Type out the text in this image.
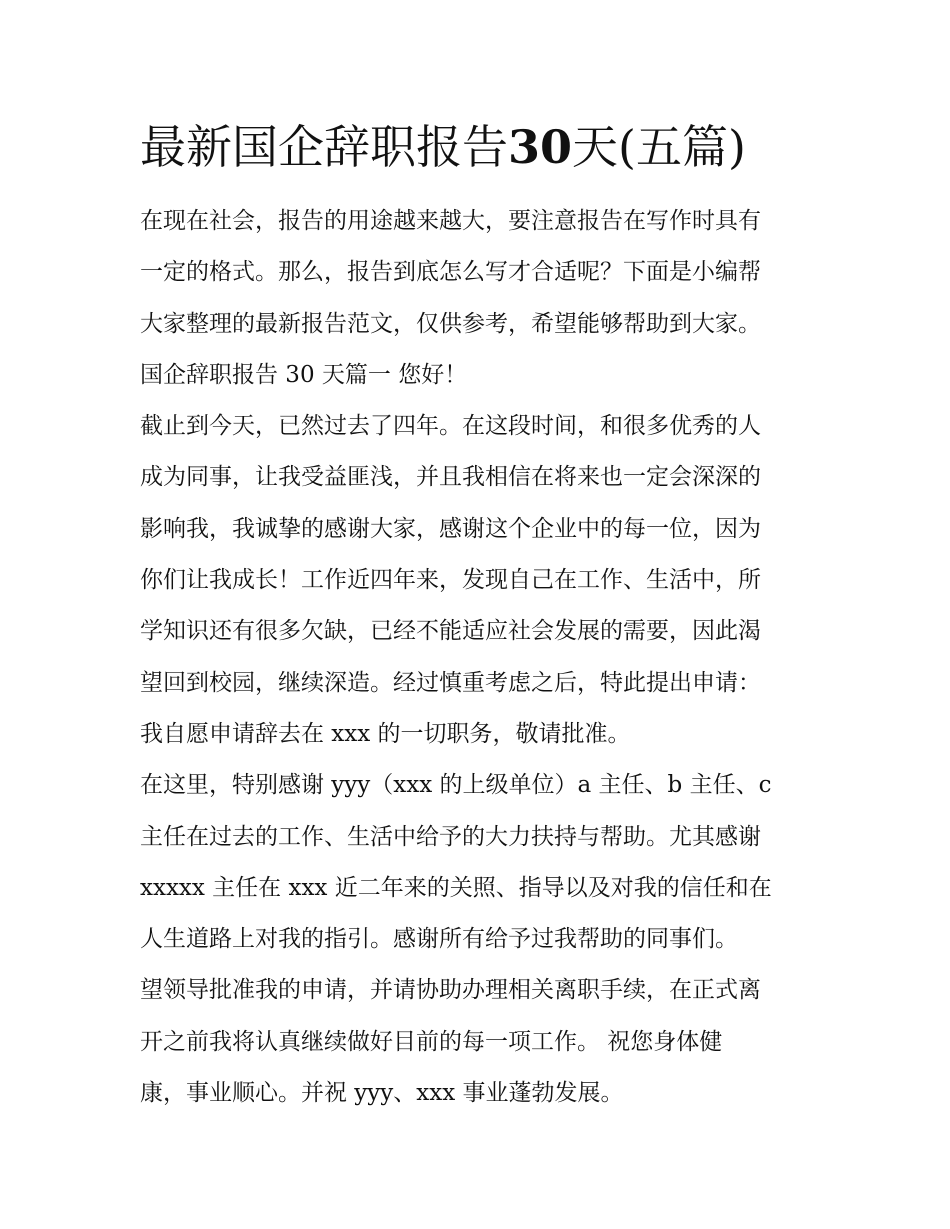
最新国企辞职报告30天(五篇)
在现在社会，报告的用途越来越大，要注意报告在写作时具有
一定的格式。那么，报告到底怎么写才合适呢？下面是小编帮
大家整理的最新报告范文，仅供参考，希望能够帮助到大家。
国企辞职报告 30 天篇一 您好！
截止到今天，已然过去了四年。在这段时间，和很多优秀的人
成为同事，让我受益匪浅，并且我相信在将来也一定会深深的
影响我，我诚挚的感谢大家，感谢这个企业中的每一位，因为
你们让我成长！工作近四年来，发现自己在工作、生活中，所
学知识还有很多欠缺，已经不能适应社会发展的需要，因此渴
望回到校园，继续深造。经过慎重考虑之后，特此提出申请：
我自愿申请辞去在 xxx 的一切职务，敬请批准。
在这里，特别感谢 yyy（xxx 的上级单位）a 主任、b 主任、c
主任在过去的工作、生活中给予的大力扶持与帮助。尤其感谢
xxxxx 主任在 xxx 近二年来的关照、指导以及对我的信任和在
人生道路上对我的指引。感谢所有给予过我帮助的同事们。
望领导批准我的申请，并请协助办理相关离职手续，在正式离
开之前我将认真继续做好目前的每一项工作。 祝您身体健
康，事业顺心。并祝 yyy、xxx 事业蓬勃发展。
